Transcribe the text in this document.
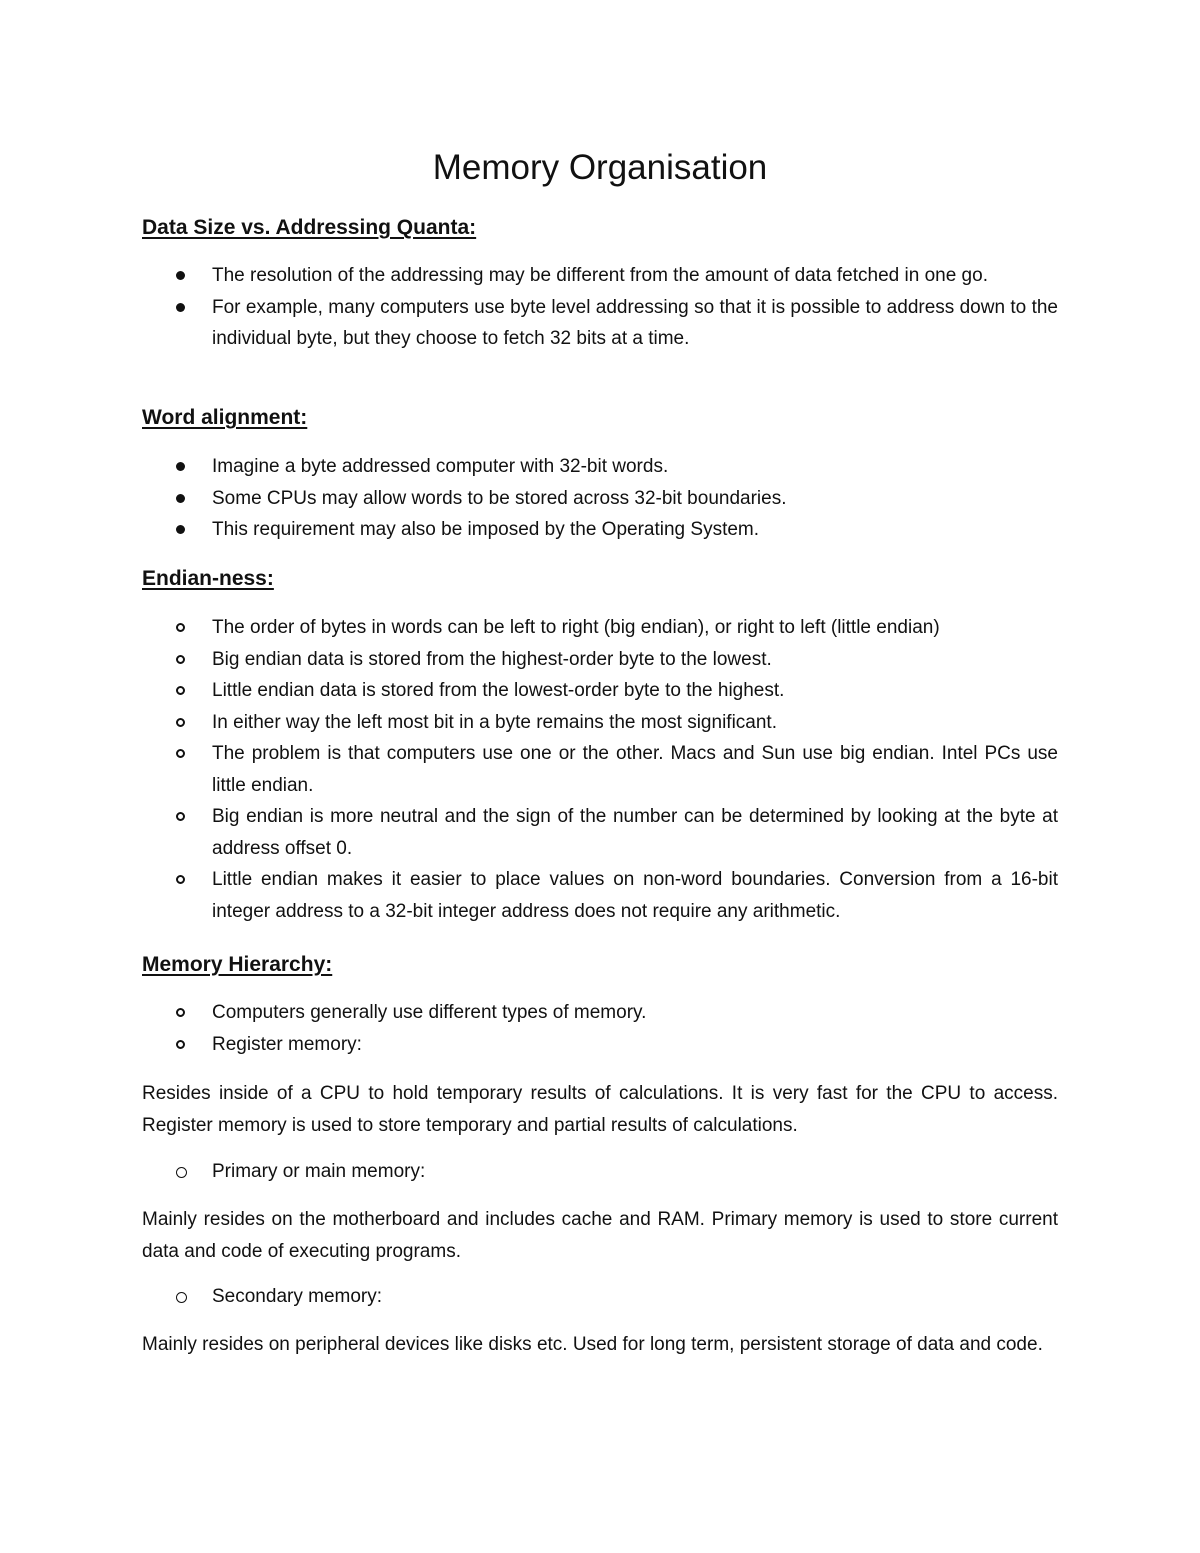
Memory Organisation
Data Size vs. Addressing Quanta:
The resolution of the addressing may be different from the amount of data fetched in one go.
For example, many computers use byte level addressing so that it is possible to address down to the individual byte, but they choose to fetch 32 bits at a time.
Word alignment:
Imagine a byte addressed computer with 32-bit words.
Some CPUs may allow words to be stored across 32-bit boundaries.
This requirement may also be imposed by the Operating System.
Endian-ness:
The order of bytes in words can be left to right (big endian), or right to left (little endian)
Big endian data is stored from the highest-order byte to the lowest.
Little endian data is stored from the lowest-order byte to the highest.
In either way the left most bit in a byte remains the most significant.
The problem is that computers use one or the other. Macs and Sun use big endian. Intel PCs use little endian.
Big endian is more neutral and the sign of the number can be determined by looking at the byte at address offset 0.
Little endian makes it easier to place values on non-word boundaries. Conversion from a 16-bit integer address to a 32-bit integer address does not require any arithmetic.
Memory Hierarchy:
Computers generally use different types of memory.
Register memory:

Resides inside of a CPU to hold temporary results of calculations. It is very fast for the CPU to access. Register memory is used to store temporary and partial results of calculations.

Primary or main memory:

Mainly resides on the motherboard and includes cache and RAM. Primary memory is used to store current data and code of executing programs.

Secondary memory:

Mainly resides on peripheral devices like disks etc. Used for long term, persistent storage of data and code.
